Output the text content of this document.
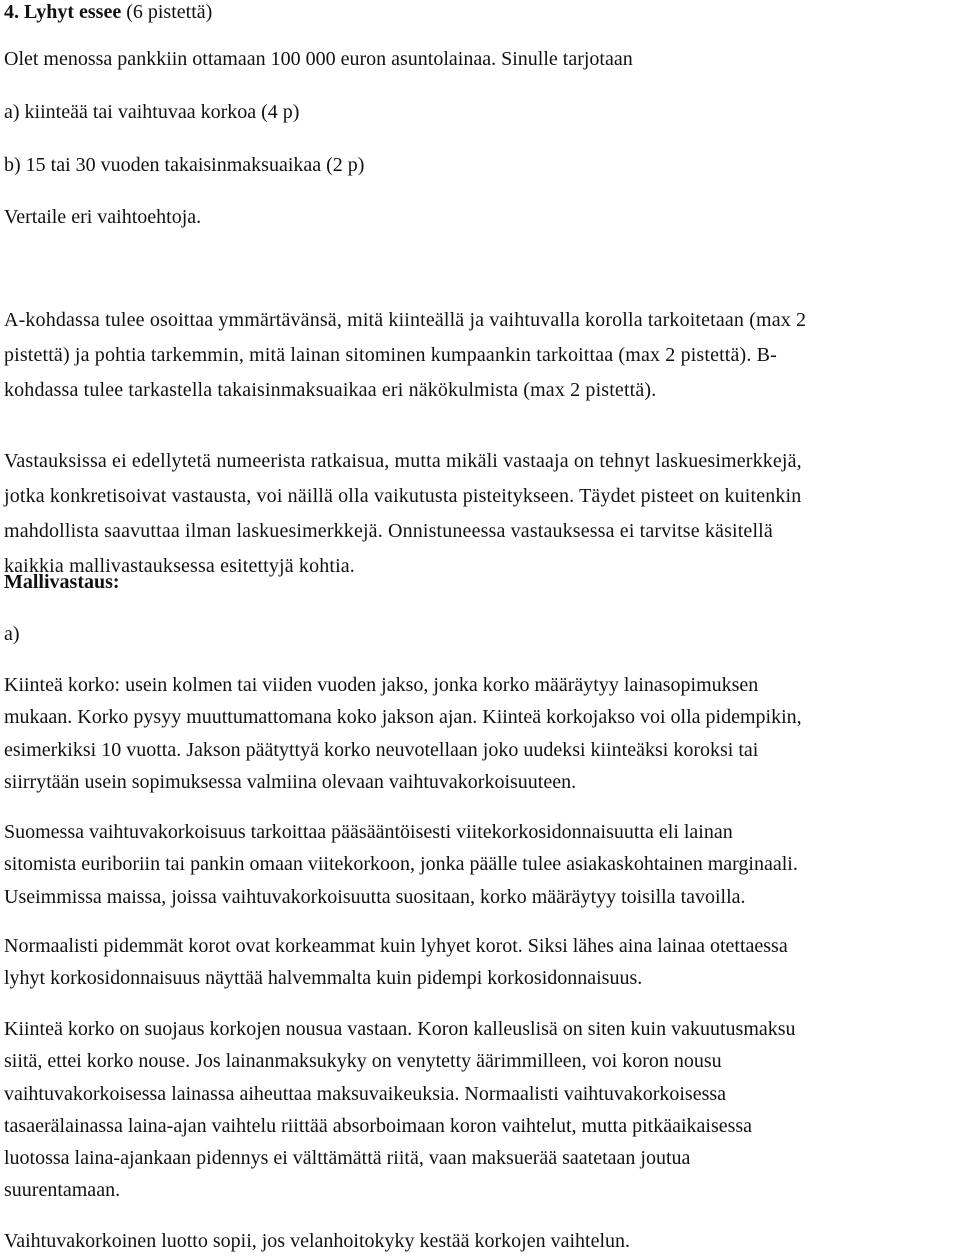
4. Lyhyt essee (6 pistettä)
Olet menossa pankkiin ottamaan 100 000 euron asuntolainaa. Sinulle tarjotaan
a) kiinteää tai vaihtuvaa korkoa (4 p)
b) 15 tai 30 vuoden takaisinmaksuaikaa (2 p)
Vertaile eri vaihtoehtoja.
A-kohdassa tulee osoittaa ymmärtävänsä, mitä kiinteällä ja vaihtuvalla korolla tarkoitetaan (max 2
pistettä) ja pohtia tarkemmin, mitä lainan sitominen kumpaankin tarkoittaa (max 2 pistettä). B-
kohdassa tulee tarkastella takaisinmaksuaikaa eri näkökulmista (max 2 pistettä).
Vastauksissa ei edellytetä numeerista ratkaisua, mutta mikäli vastaaja on tehnyt laskuesimerkkejä,
jotka konkretisoivat vastausta, voi näillä olla vaikutusta pisteitykseen. Täydet pisteet on kuitenkin
mahdollista saavuttaa ilman laskuesimerkkejä. Onnistuneessa vastauksessa ei tarvitse käsitellä
kaikkia mallivastauksessa esitettyjä kohtia.
Mallivastaus:
a)
Kiinteä korko: usein kolmen tai viiden vuoden jakso, jonka korko määräytyy lainasopimuksen
mukaan. Korko pysyy muuttumattomana koko jakson ajan. Kiinteä korkojakso voi olla pidempikin,
esimerkiksi 10 vuotta. Jakson päätyttyä korko neuvotellaan joko uudeksi kiinteäksi koroksi tai
siirrytään usein sopimuksessa valmiina olevaan vaihtuvakorkoisuuteen.
Suomessa vaihtuvakorkoisuus tarkoittaa pääsääntöisesti viitekorkosidonnaisuutta eli lainan
sitomista euriboriin tai pankin omaan viitekorkoon, jonka päälle tulee asiakaskohtainen marginaali.
Useimmissa maissa, joissa vaihtuvakorkoisuutta suositaan, korko määräytyy toisilla tavoilla.
Normaalisti pidemmät korot ovat korkeammat kuin lyhyet korot. Siksi lähes aina lainaa otettaessa
lyhyt korkosidonnaisuus näyttää halvemmalta kuin pidempi korkosidonnaisuus.
Kiinteä korko on suojaus korkojen nousua vastaan. Koron kalleuslisä on siten kuin vakuutusmaksu
siitä, ettei korko nouse. Jos lainanmaksukyky on venytetty äärimmilleen, voi koron nousu
vaihtuvakorkoisessa lainassa aiheuttaa maksuvaikeuksia. Normaalisti vaihtuvakorkoisessa
tasaerälainassa laina-ajan vaihtelu riittää absorboimaan koron vaihtelut, mutta pitkäaikaisessa
luotossa laina-ajankaan pidennys ei välttämättä riitä, vaan maksuerää saatetaan joutua
suurentamaan.
Vaihtuvakorkoinen luotto sopii, jos velanhoitokyky kestää korkojen vaihtelun.
